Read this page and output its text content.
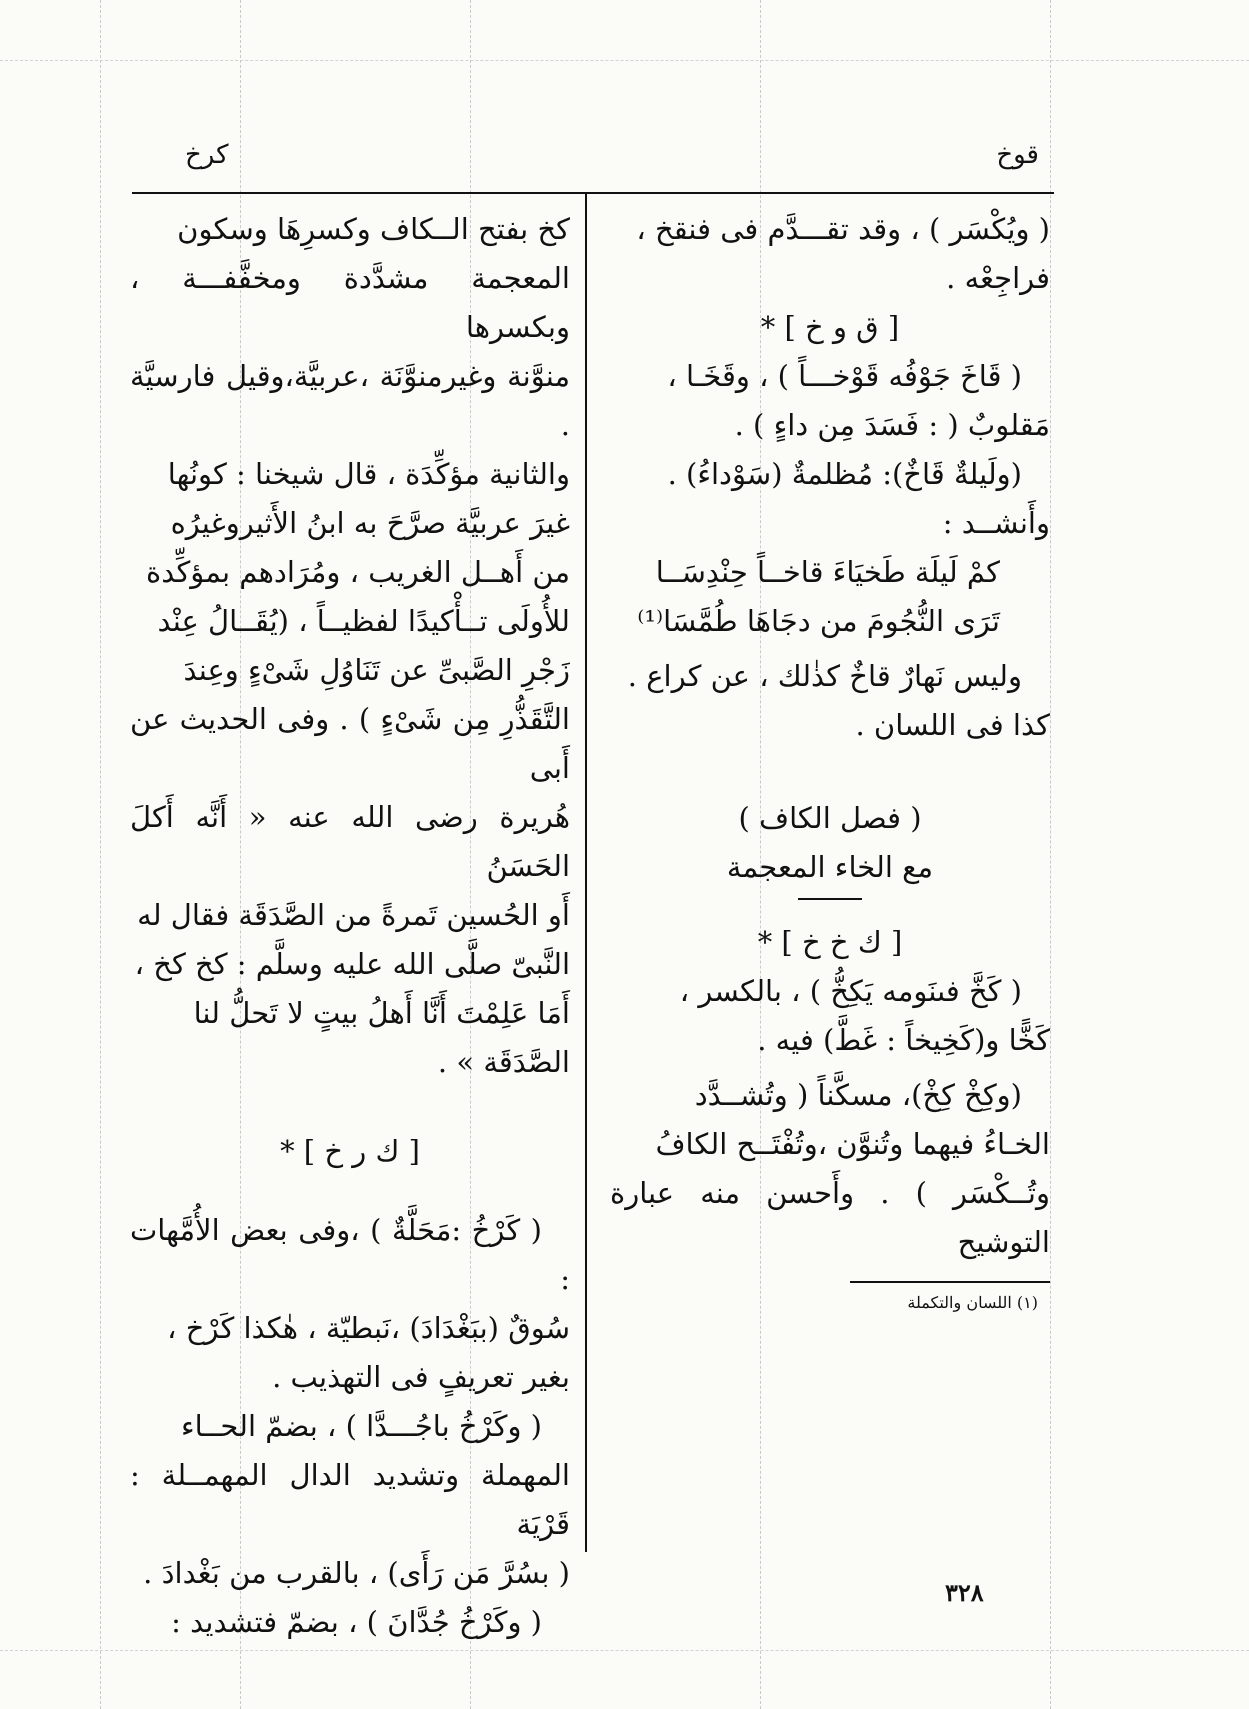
قوخ
كرخ

( ويُكْسَر ) ، وقد تقـــدَّم فى فنقخ ،

فراجِعْه .

[ ق و خ ] *

( قَاخَ جَوْفُه قَوْخـــاً ) ، وقَخَـا ،

مَقلوبٌ ( : فَسَدَ مِن داءٍ ) .

(ولَيلةٌ قَاخٌ): مُظلمةٌ (سَوْداءُ) .

وأَنشــد :

كمْ لَيلَة طَخيَاءَ قاخــاً حِنْدِسَــا

تَرَى النُّجُومَ من دجَاهَا طُمَّسَا⁽¹⁾

وليس نَهارٌ قاخٌ كذٰلك ، عن كراع .

كذا فى اللسان .

( فصل الكاف )

مع الخاء المعجمة

[ ك خ خ ] *

( كَخَّ فىنَومه يَكِخُّ ) ، بالكسر ،

كَخًّا و(كَخِيخاً : غَطَّ) فيه .

(وكِخْ كِخْ)، مسكَّناً ( وتُشــدَّد

الخـاءُ فيهما وتُنوَّن ،وتُفْتَــح الكافُ

وتُــكْسَر ) . وأَحسن منه عبارة التوشيح

(١) اللسان والتكملة

كخ بفتح الــكاف وكسرِهَا وسكون

المعجمة مشدَّدة ومخفَّفـــة ، وبكسرها

منوَّنة وغيرمنوَّنَة ،عربيَّة،وقيل فارسيَّة .

والثانية مؤكِّدَة ، قال شيخنا : كونُها

غيرَ عربيَّة صرَّحَ به ابنُ الأَثيروغيرُه

من أَهــل الغريب ، ومُرَادهم بمؤكِّدة

للأُولَى تــأْكيدًا لفظيــاً ، (يُقَــالُ عِنْد

زَجْرِ الصَّبىِّ عن تَنَاوُلِ شَىْءٍ وعِندَ

التَّقَذُّرِ مِن شَىْءٍ ) . وفى الحديث عن أَبى

هُريرة رضى الله عنه « أَنَّه أَكلَ الحَسَنُ

أَو الحُسين تَمرةً من الصَّدَقَة فقال له

النَّبىّ صلَّى الله عليه وسلَّم : كخ كخ ،

أَمَا عَلِمْتَ أَنَّا أَهلُ بيتٍ لا تَحلُّ لنا

الصَّدَقَة » .

[ ك ر خ ] *

( كَرْخُ :مَحَلَّةٌ ) ،وفى بعض الأُمَّهات :

سُوقٌ (ببَغْدَادَ) ،نَبطيّة ، هٰكذا كَرْخ ،

بغير تعريفٍ فى التهذيب .

( وكَرْخُ باجُـــدَّا ) ، بضمّ الحــاء

المهملة وتشديد الدال المهمــلة : قَرْيَة

( بسُرَّ مَن رَأَى) ، بالقرب من بَغْدادَ .

( وكَرْخُ جُدَّانَ ) ، بضمّ فتشديد :

٣٢٨
